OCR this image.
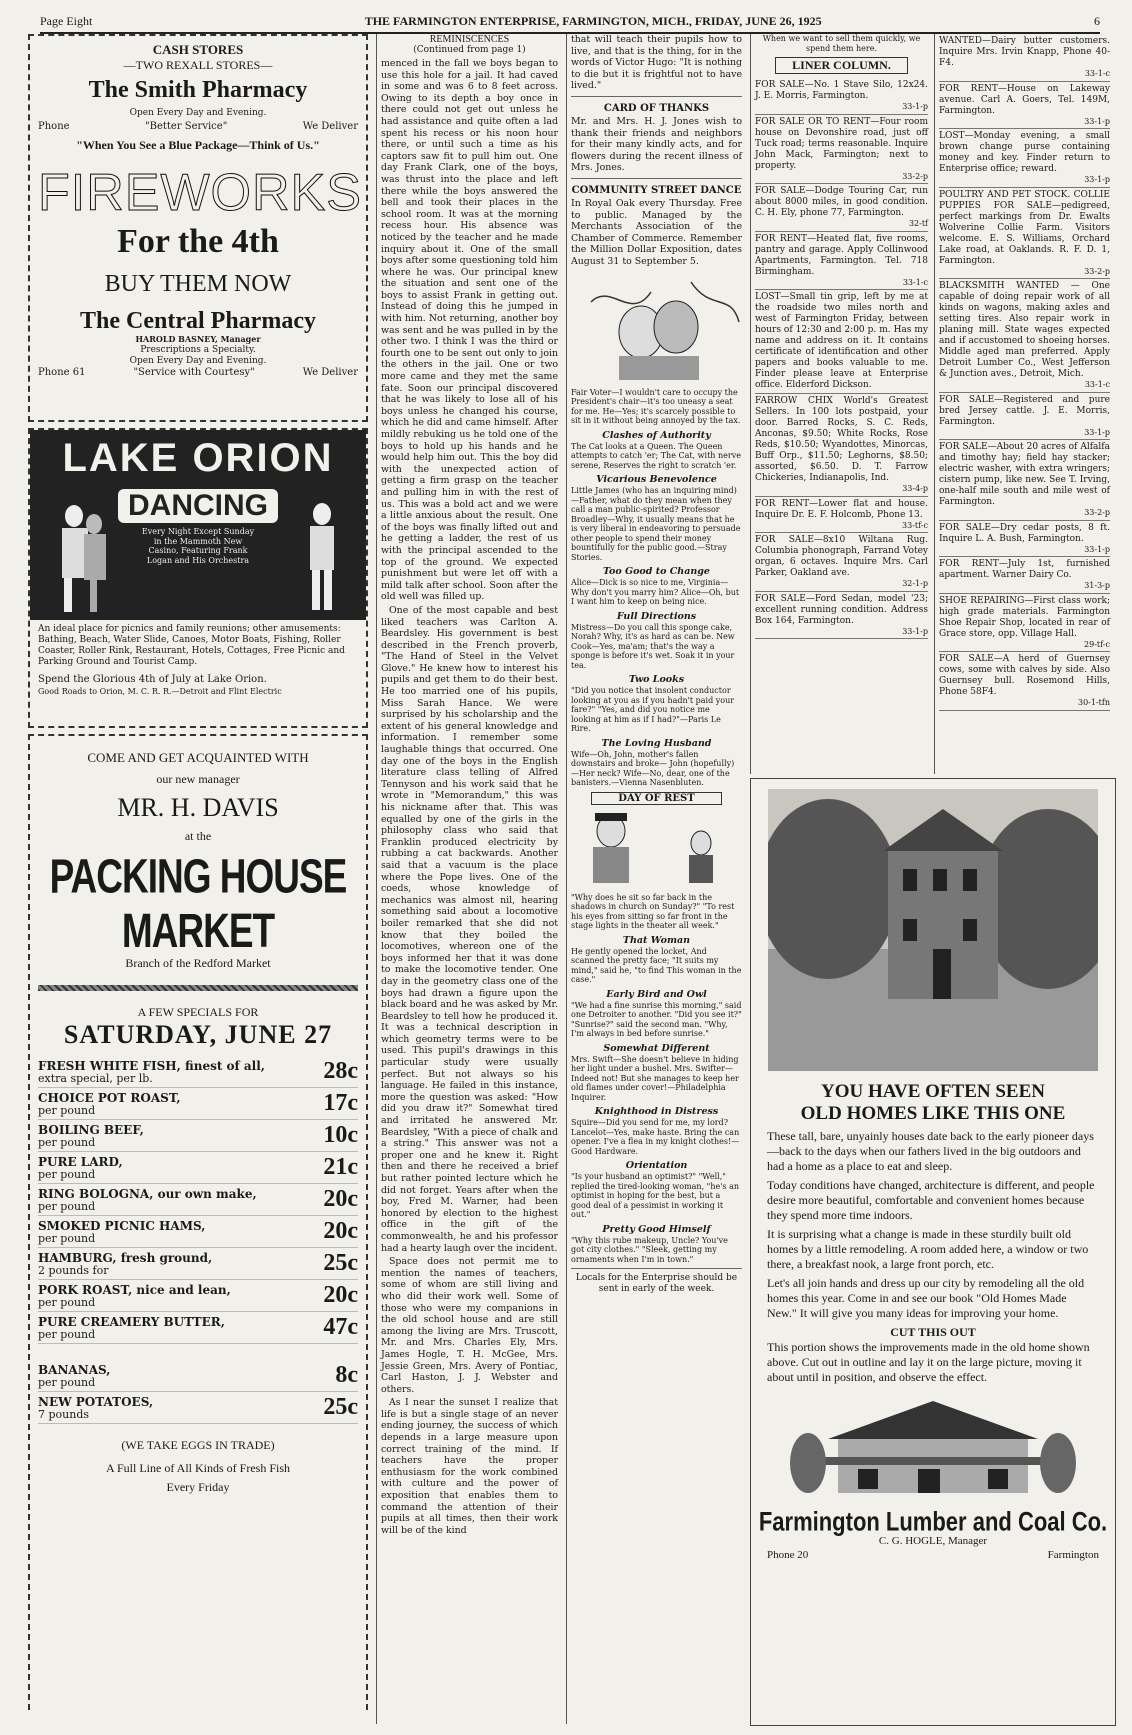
Page Eight	THE FARMINGTON ENTERPRISE, FARMINGTON, MICH., FRIDAY, JUNE 26, 1925	6
CASH STORES
—TWO REXALL STORES—
The Smith Pharmacy
Open Every Day and Evening.
Phone	"Better Service"	We Deliver
"When You See a Blue Package—Think of Us."
FIREWORKS
For the 4th
BUY THEM NOW
The Central Pharmacy
HAROLD BASNEY, Manager
Prescriptions a Specialty.
Open Every Day and Evening.
Phone 61	"Service with Courtesy"	We Deliver
LAKE ORION
DANCING
Every Night Except Sunday in the Mammoth New Casino, Featuring Frank Logan and His Orchestra
An ideal place for picnics and family reunions; other amusements: Bathing, Beach, Water Slide, Canoes, Motor Boats, Fishing, Roller Coaster, Roller Rink, Restaurant, Hotels, Cottages, Free Picnic and Parking Ground and Tourist Camp.
Spend the Glorious 4th of July at Lake Orion.
Good Roads to Orion, M. C. R. R.—Detroit and Flint Electric
COME AND GET ACQUAINTED WITH
our new manager
MR. H. DAVIS
at the
PACKING HOUSE MARKET
Branch of the Redford Market
A FEW SPECIALS FOR
SATURDAY, JUNE 27
FRESH WHITE FISH, finest of all,
extra special, per lb.	28c
CHOICE POT ROAST,
per pound	17c
BOILING BEEF,
per pound	10c
PURE LARD,
per pound	21c
RING BOLOGNA, our own make,
per pound	20c
SMOKED PICNIC HAMS,
per pound	20c
HAMBURG, fresh ground,
2 pounds for	25c
PORK ROAST, nice and lean,
per pound	20c
PURE CREAMERY BUTTER,
per pound	47c
BANANAS,
per pound	8c
NEW POTATOES,
7 pounds	25c
(WE TAKE EGGS IN TRADE)
A Full Line of All Kinds of Fresh Fish
Every Friday
REMINISCENCES
(Continued from page 1)

menced in the fall we boys began to use this hole for a jail. It had caved in some and was 6 to 8 feet across. Owing to its depth a boy once in there could not get out unless he had assistance and quite often a lad spent his recess or his noon hour there, or until such a time as his captors saw fit to pull him out. One day Frank Clark, one of the boys, was thrust into the place and left there while the boys answered the bell and took their places in the school room. It was at the morning recess hour. His absence was noticed by the teacher and he made inquiry about it. One of the small boys after some questioning told him where he was. Our principal knew the situation and sent one of the boys to assist Frank in getting out. Instead of doing this he jumped in with him. Not returning, another boy was sent and he was pulled in by the other two. I think I was the third or fourth one to be sent out only to join the others in the jail. One or two more came and they met the same fate. Soon our principal discovered that he was likely to lose all of his boys unless he changed his course, which he did and came himself. After mildly rebuking us he told one of the boys to hold up his hands and he would help him out. This the boy did with the unexpected action of getting a firm grasp on the teacher and pulling him in with the rest of us. This was a bold act and we were a little anxious about the result. One of the boys was finally lifted out and he getting a ladder, the rest of us with the principal ascended to the top of the ground. We expected punishment but were let off with a mild talk after school. Soon after the old well was filled up.

One of the most capable and best liked teachers was Carlton A. Beardsley. His government is best described in the French proverb, "The Hand of Steel in the Velvet Glove." He knew how to interest his pupils and get them to do their best. He too married one of his pupils, Miss Sarah Hance. We were surprised by his scholarship and the extent of his general knowledge and information. I remember some laughable things that occurred. One day one of the boys in the English literature class telling of Alfred Tennyson and his work said that he wrote in "Memorandum," this was his nickname after that. This was equalled by one of the girls in the philosophy class who said that Franklin produced electricity by rubbing a cat backwards. Another said that a vacuum is the place where the Pope lives. One of the coeds, whose knowledge of mechanics was almost nil, hearing something said about a locomotive boiler remarked that she did not know that they boiled the locomotives, whereon one of the boys informed her that it was done to make the locomotive tender. One day in the geometry class one of the boys had drawn a figure upon the black board and he was asked by Mr. Beardsley to tell how he produced it. It was a technical description in which geometry terms were to be used. This pupil's drawings in this particular study were usually perfect. But not always so his language. He failed in this instance, more the question was asked: "How did you draw it?" Somewhat tired and irritated he answered Mr. Beardsley, "With a piece of chalk and a string." This answer was not a proper one and he knew it. Right then and there he received a brief but rather pointed lecture which he did not forget. Years after when the boy, Fred M. Warner, had been honored by election to the highest office in the gift of the commonwealth, he and his professor had a hearty laugh over the incident.

Space does not permit me to mention the names of teachers, some of whom are still living and who did their work well. Some of those who were my companions in the old school house and are still among the living are Mrs. Truscott, Mr. and Mrs. Charles Ely, Mrs. James Hogle, T. H. McGee, Mrs. Jessie Green, Mrs. Avery of Pontiac, Carl Haston, J. J. Webster and others.

As I near the sunset I realize that life is but a single stage of an never ending journey, the success of which depends in a large measure upon correct training of the mind. If teachers have the proper enthusiasm for the work combined with culture and the power of exposition that enables them to command the attention of their pupils at all times, then their work will be of the kind

that will teach their pupils how to live, and that is the thing, for in the words of Victor Hugo: "It is nothing to die but it is frightful not to have lived."

CARD OF THANKS

Mr. and Mrs. H. J. Jones wish to thank their friends and neighbors for their many kindly acts, and for flowers during the recent illness of Mrs. Jones.

COMMUNITY STREET DANCE

In Royal Oak every Thursday. Free to public. Managed by the Merchants Association of the Chamber of Commerce. Remember the Million Dollar Exposition, dates August 31 to September 5.

Fair Voter—I wouldn't care to occupy the President's chair—it's too uneasy a seat for me. He—Yes; it's scarcely possible to sit in it without being annoyed by the tax.

Clashes of Authority
The Cat looks at a Queen. The Queen attempts to catch 'er; The Cat, with nerve serene, Reserves the right to scratch 'er.
Vicarious Benevolence
Little James (who has an inquiring mind)—Father, what do they mean when they call a man public-spirited? Professor Broadley—Why, it usually means that he is very liberal in endeavoring to persuade other people to spend their money bountifully for the public good.—Stray Stories.
Too Good to Change
Alice—Dick is so nice to me, Virginia—Why don't you marry him? Alice—Oh, but I want him to keep on being nice.
Full Directions
Mistress—Do you call this sponge cake, Norah? Why, it's as hard as can be. New Cook—Yes, ma'am; that's the way a sponge is before it's wet. Soak it in your tea.
Two Looks
"Did you notice that insolent conductor looking at you as if you hadn't paid your fare?" "Yes, and did you notice me looking at him as if I had?"—Paris Le Rire.
The Loving Husband
Wife—Oh, John, mother's fallen downstairs and broke— John (hopefully)—Her neck? Wife—No, dear, one of the banisters.—Vienna Nasenbluten.
DAY OF REST

"Why does he sit so far back in the shadows in church on Sunday?" "To rest his eyes from sitting so far front in the stage lights in the theater all week."

That Woman
He gently opened the locket, And scanned the pretty face; "It suits my mind," said he, "to find This woman in the case."
Early Bird and Owl
"We had a fine sunrise this morning," said one Detroiter to another. "Did you see it?" "Sunrise?" said the second man. "Why, I'm always in bed before sunrise."
Somewhat Different
Mrs. Swift—She doesn't believe in hiding her light under a bushel. Mrs. Swifter—Indeed not! But she manages to keep her old flames under cover!—Philadelphia Inquirer.
Knighthood in Distress
Squire—Did you send for me, my lord? Lancelot—Yes, make haste. Bring the can opener. I've a flea in my knight clothes!—Good Hardware.
Orientation
"Is your husband an optimist?" "Well," replied the tired-looking woman, "he's an optimist in hoping for the best, but a good deal of a pessimist in working it out."
Pretty Good Himself
"Why this rube makeup, Uncle? You've got city clothes." "Sleek, getting my ornaments when I'm in town."

Locals for the Enterprise should be sent in early of the week.

When we want to sell them quickly, we spend them here.
LINER COLUMN.
FOR SALE—No. 1 Stave Silo, 12x24. J. E. Morris, Farmington.
33-1-p
FOR SALE OR TO RENT—Four room house on Devonshire road, just off Tuck road; terms reasonable. Inquire John Mack, Farmington; next to property.
33-2-p
FOR SALE—Dodge Touring Car, run about 8000 miles, in good condition. C. H. Ely, phone 77, Farmington.
32-tf
FOR RENT—Heated flat, five rooms, pantry and garage. Apply Collinwood Apartments, Farmington. Tel. 718 Birmingham.
33-1-c
LOST—Small tin grip, left by me at the roadside two miles north and west of Farmington Friday, between hours of 12:30 and 2:00 p. m. Has my name and address on it. It contains certificate of identification and other papers and books valuable to me. Finder please leave at Enterprise office. Elderford Dickson.
FARROW CHIX World's Greatest Sellers. In 100 lots postpaid, your door. Barred Rocks, S. C. Reds, Anconas, $9.50; White Rocks, Rose Reds, $10.50; Wyandottes, Minorcas, Buff Orp., $11.50; Leghorns, $8.50; assorted, $6.50. D. T. Farrow Chickeries, Indianapolis, Ind.
33-4-p
FOR RENT—Lower flat and house. Inquire Dr. E. F. Holcomb, Phone 13.
33-tf-c
FOR SALE—8x10 Wiltana Rug. Columbia phonograph, Farrand Votey organ, 6 octaves. Inquire Mrs. Carl Parker, Oakland ave.
32-1-p
FOR SALE—Ford Sedan, model '23; excellent running condition. Address Box 164, Farmington.
33-1-p
WANTED—Dairy butter customers. Inquire Mrs. Irvin Knapp, Phone 40-F4.
33-1-c
FOR RENT—House on Lakeway avenue. Carl A. Goers, Tel. 149M, Farmington.
33-1-p
LOST—Monday evening, a small brown change purse containing money and key. Finder return to Enterprise office; reward.
33-1-p
POULTRY AND PET STOCK. COLLIE PUPPIES FOR SALE—pedigreed, perfect markings from Dr. Ewalts Wolverine Collie Farm. Visitors welcome. E. S. Williams, Orchard Lake road, at Oaklands. R. F. D. 1, Farmington.
33-2-p
BLACKSMITH WANTED — One capable of doing repair work of all kinds on wagons, making axles and setting tires. Also repair work in planing mill. State wages expected and if accustomed to shoeing horses. Middle aged man preferred. Apply Detroit Lumber Co., West Jefferson & Junction aves., Detroit, Mich.
33-1-c
FOR SALE—Registered and pure bred Jersey cattle. J. E. Morris, Farmington.
33-1-p
FOR SALE—About 20 acres of Alfalfa and timothy hay; field hay stacker; electric washer, with extra wringers; cistern pump, like new. See T. Irving, one-half mile south and mile west of Farmington.
33-2-p
FOR SALE—Dry cedar posts, 8 ft. Inquire L. A. Bush, Farmington.
33-1-p
FOR RENT—July 1st, furnished apartment. Warner Dairy Co.
31-3-p
SHOE REPAIRING—First class work; high grade materials. Farmington Shoe Repair Shop, located in rear of Grace store, opp. Village Hall.
29-tf-c
FOR SALE—A herd of Guernsey cows, some with calves by side. Also Guernsey bull. Rosemond Hills, Phone 58F4.
30-1-tfn
YOU HAVE OFTEN SEEN
OLD HOMES LIKE THIS ONE

These tall, bare, unyainly houses date back to the early pioneer days—back to the days when our fathers lived in the big outdoors and had a home as a place to eat and sleep.

Today conditions have changed, architecture is different, and people desire more beautiful, comfortable and convenient homes because they spend more time indoors.

It is surprising what a change is made in these sturdily built old homes by a little remodeling. A room added here, a window or two there, a breakfast nook, a large front porch, etc.

Let's all join hands and dress up our city by remodeling all the old homes this year. Come in and see our book "Old Homes Made New." It will give you many ideas for improving your home.

CUT THIS OUT

This portion shows the improvements made in the old home shown above. Cut out in outline and lay it on the large picture, moving it about until in position, and observe the effect.

Farmington Lumber and Coal Co.
C. G. HOGLE, Manager
Phone 20	Farmington
